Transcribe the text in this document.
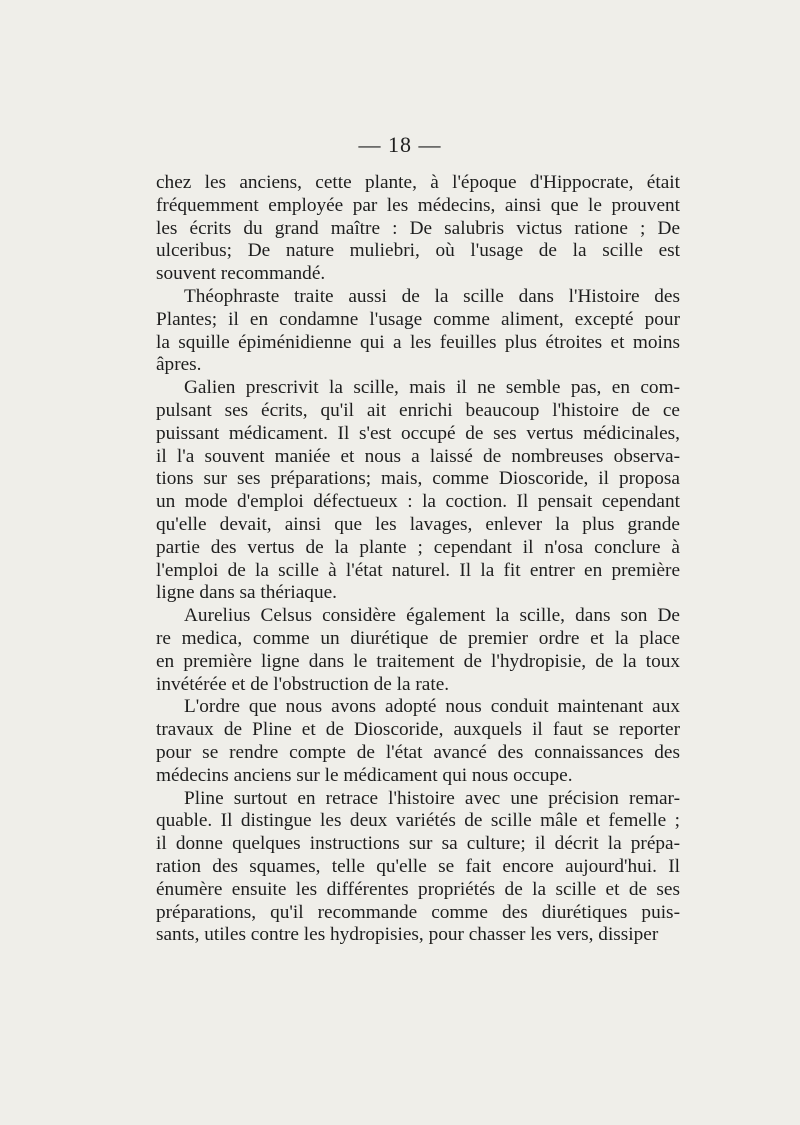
— 18 —
chez les anciens, cette plante, à l'époque d'Hippocrate, était
fréquemment employée par les médecins, ainsi que le prouvent
les écrits du grand maître : De salubris victus ratione ; De
ulceribus; De nature muliebri, où l'usage de la scille est
souvent recommandé.
Théophraste traite aussi de la scille dans l'Histoire des
Plantes; il en condamne l'usage comme aliment, excepté pour
la squille épiménidienne qui a les feuilles plus étroites et moins
âpres.
Galien prescrivit la scille, mais il ne semble pas, en com-
pulsant ses écrits, qu'il ait enrichi beaucoup l'histoire de ce
puissant médicament. Il s'est occupé de ses vertus médicinales,
il l'a souvent maniée et nous a laissé de nombreuses observa-
tions sur ses préparations; mais, comme Dioscoride, il proposa
un mode d'emploi défectueux : la coction. Il pensait cependant
qu'elle devait, ainsi que les lavages, enlever la plus grande
partie des vertus de la plante ; cependant il n'osa conclure à
l'emploi de la scille à l'état naturel. Il la fit entrer en première
ligne dans sa thériaque.
Aurelius Celsus considère également la scille, dans son De
re medica, comme un diurétique de premier ordre et la place
en première ligne dans le traitement de l'hydropisie, de la toux
invétérée et de l'obstruction de la rate.
L'ordre que nous avons adopté nous conduit maintenant aux
travaux de Pline et de Dioscoride, auxquels il faut se reporter
pour se rendre compte de l'état avancé des connaissances des
médecins anciens sur le médicament qui nous occupe.
Pline surtout en retrace l'histoire avec une précision remar-
quable. Il distingue les deux variétés de scille mâle et femelle ;
il donne quelques instructions sur sa culture; il décrit la prépa-
ration des squames, telle qu'elle se fait encore aujourd'hui. Il
énumère ensuite les différentes propriétés de la scille et de ses
préparations, qu'il recommande comme des diurétiques puis-
sants, utiles contre les hydropisies, pour chasser les vers, dissiper
